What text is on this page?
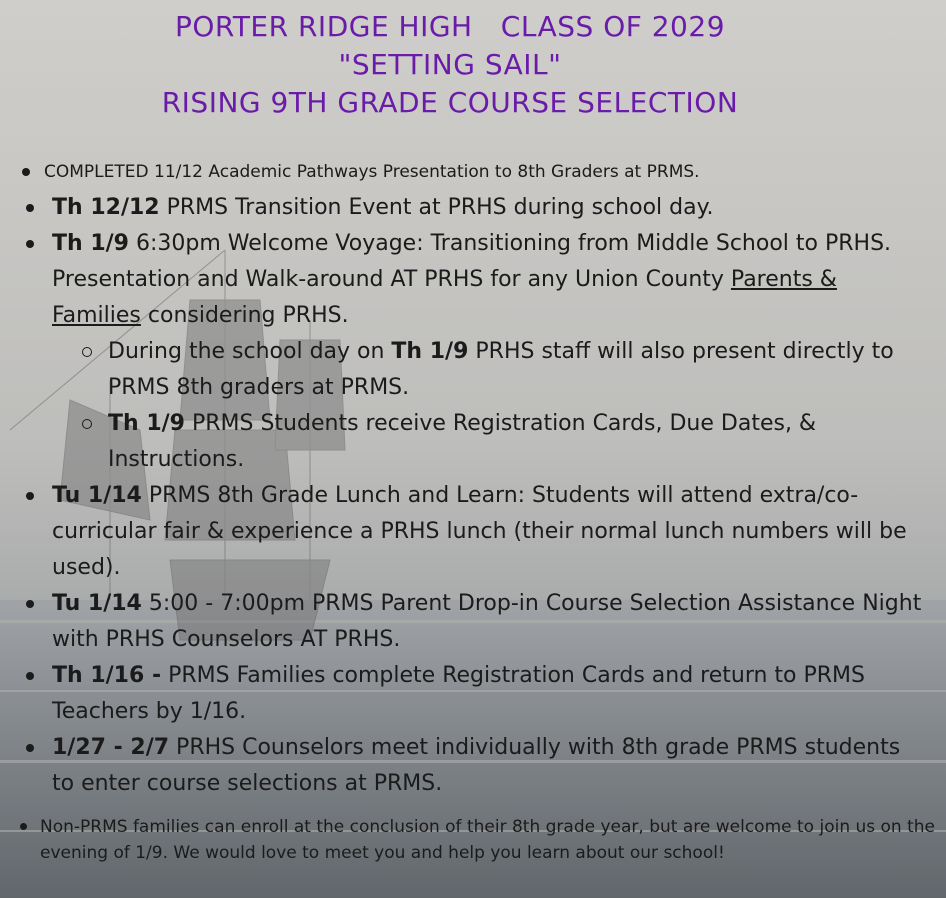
PORTER RIDGE HIGH   CLASS OF 2029
"SETTING SAIL"
RISING 9TH GRADE COURSE SELECTION
COMPLETED 11/12 Academic Pathways Presentation to 8th Graders at PRMS.
Th 12/12 PRMS Transition Event at PRHS during school day.
Th 1/9 6:30pm Welcome Voyage: Transitioning from Middle School to PRHS. Presentation and Walk-around AT PRHS for any Union County Parents & Families considering PRHS.
During the school day on Th 1/9 PRHS staff will also present directly to PRMS 8th graders at PRMS.
Th 1/9 PRMS Students receive Registration Cards, Due Dates, & Instructions.
Tu 1/14 PRMS 8th Grade Lunch and Learn: Students will attend extra/co-curricular fair & experience a PRHS lunch (their normal lunch numbers will be used).
Tu 1/14 5:00 - 7:00pm PRMS Parent Drop-in Course Selection Assistance Night with PRHS Counselors AT PRHS.
Th 1/16 - PRMS Families complete Registration Cards and return to PRMS Teachers by 1/16.
1/27 - 2/7 PRHS Counselors meet individually with 8th grade PRMS students to enter course selections at PRMS.
Non-PRMS families can enroll at the conclusion of their 8th grade year, but are welcome to join us on the evening of 1/9. We would love to meet you and help you learn about our school!
